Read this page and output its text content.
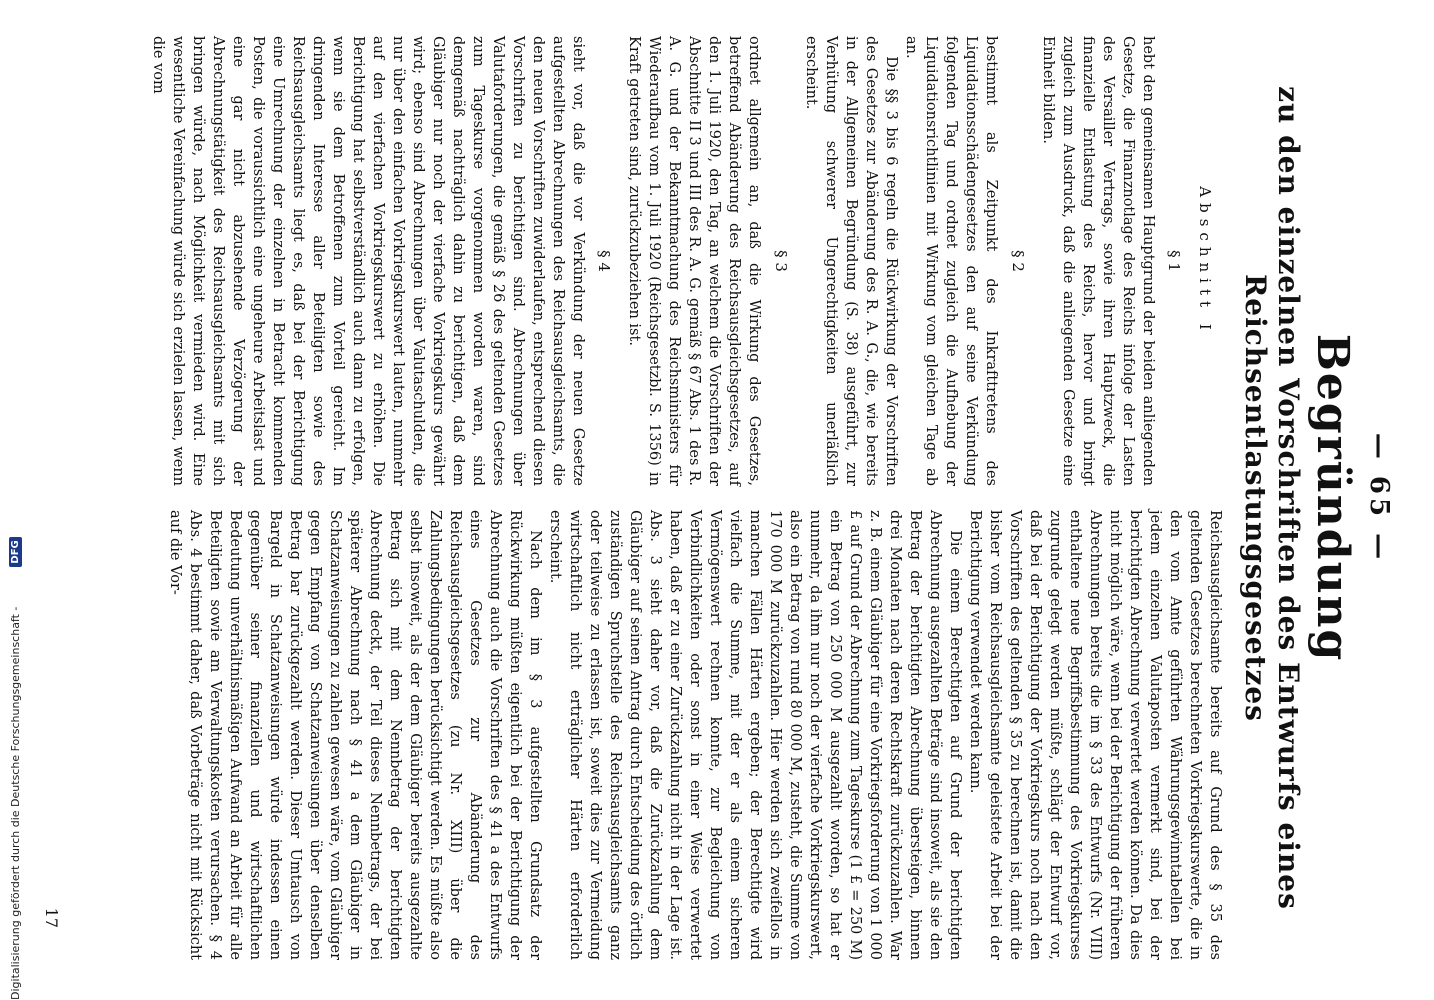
— 65 —
Begründung
zu den einzelnen Vorschriften des Entwurfs eines Reichsentlastungsgesetzes
Abschnitt I
§ 1

hebt den gemeinsamen Hauptgrund der beiden anliegenden Gesetze, die Finanznotlage des Reichs infolge der Lasten des Versailler Vertrags, sowie ihren Hauptzweck, die finanzielle Entlastung des Reichs, hervor und bringt zugleich zum Ausdruck, daß die anliegenden Gesetze eine Einheit bilden.

§ 2

bestimmt als Zeitpunkt des Inkrafttretens des Liquidationsschädengesetzes den auf seine Verkündung folgenden Tag und ordnet zugleich die Aufhebung der Liquidationsrichtlinien mit Wirkung vom gleichen Tage ab an.

Die §§ 3 bis 6 regeln die Rückwirkung der Vorschriften des Gesetzes zur Abänderung des R. A. G., die, wie bereits in der Allgemeinen Begründung (S. 38) ausgeführt, zur Verhütung schwerer Ungerechtigkeiten unerläßlich erscheint.

§ 3

ordnet allgemein an, daß die Wirkung des Gesetzes, betreffend Abänderung des Reichsausgleichsgesetzes, auf den 1. Juli 1920, den Tag, an welchem die Vorschriften der Abschnitte II 3 und III des R. A. G. gemäß § 67 Abs. 1 des R. A. G. und der Bekanntmachung des Reichsministers für Wiederaufbau vom 1. Juli 1920 (Reichsgesetzbl. S. 1356) in Kraft getreten sind, zurückzubeziehen ist.

§ 4

sieht vor, daß die vor Verkündung der neuen Gesetze aufgestellten Abrechnungen des Reichsausgleichsamts, die den neuen Vorschriften zuwiderlaufen, entsprechend diesen Vorschriften zu berichtigen sind. Abrechnungen über Valutaforderungen, die gemäß § 26 des geltenden Gesetzes zum Tageskurse vorgenommen worden waren, sind demgemäß nachträglich dahin zu berichtigen, daß dem Gläubiger nur noch der vierfache Vorkriegskurs gewährt wird; ebenso sind Abrechnungen über Valutaschulden, die nur über den einfachen Vorkriegskurswert lauten, nunmehr auf den vierfachen Vorkriegskurswert zu erhöhen. Die Berichtigung hat selbstverständlich auch dann zu erfolgen, wenn sie dem Betroffenen zum Vorteil gereicht. Im dringenden Interesse aller Beteiligten sowie des Reichsausgleichsamts liegt es, daß bei der Berichtigung eine Umrechnung der einzelnen in Betracht kommenden Posten, die voraussichtlich eine ungeheure Arbeitslast und eine gar nicht abzusehende Verzögerung der Abrechnungstätigkeit des Reichsausgleichsamts mit sich bringen würde, nach Möglichkeit vermieden wird. Eine wesentliche Vereinfachung würde sich erzielen lassen, wenn die vom

Reichsausgleichsamte bereits auf Grund des § 35 des geltenden Gesetzes berechneten Vorkriegskurswerte, die in den vom Amte geführten Währungsgewinntabellen bei jedem einzelnen Valutaposten vermerkt sind, bei der berichtigten Abrechnung verwertet werden können. Da dies nicht möglich wäre, wenn bei der Berichtigung der früheren Abrechnungen bereits die im § 33 des Entwurfs (Nr. VIII) enthaltene neue Begriffsbestimmung des Vorkriegskurses zugrunde gelegt werden müßte, schlägt der Entwurf vor, daß bei der Berichtigung der Vorkriegskurs noch nach den Vorschriften des geltenden § 35 zu berechnen ist, damit die bisher vom Reichsausgleichsamte geleistete Arbeit bei der Berichtigung verwendet werden kann.

Die einem Berechtigten auf Grund der berichtigten Abrechnung ausgezahlten Beträge sind insoweit, als sie den Betrag der berichtigten Abrechnung übersteigen, binnen drei Monaten nach deren Rechtskraft zurückzuzahlen. War z. B. einem Gläubiger für eine Vorkriegsforderung von 1 000 £ auf Grund der Abrechnung zum Tageskurse (1 £ = 250 M) ein Betrag von 250 000 M ausgezahlt worden, so hat er nunmehr, da ihm nur noch der vierfache Vorkriegskurswert, also ein Betrag von rund 80 000 M, zusteht, die Summe von 170 000 M zurückzuzahlen. Hier werden sich zweifellos in manchen Fällen Härten ergeben; der Berechtigte wird vielfach die Summe, mit der er als einem sicheren Vermögenswert rechnen konnte, zur Begleichung von Verbindlichkeiten oder sonst in einer Weise verwertet haben, daß er zu einer Zurückzahlung nicht in der Lage ist. Abs. 3 sieht daher vor, daß die Zurückzahlung dem Gläubiger auf seinen Antrag durch Entscheidung des örtlich zuständigen Spruchstelle des Reichsausgleichsamts ganz oder teilweise zu erlassen ist, soweit dies zur Vermeidung wirtschaftlich nicht erträglicher Härten erforderlich erscheint.

Nach dem im § 3 aufgestellten Grundsatz der Rückwirkung müßten eigentlich bei der Berichtigung der Abrechnung auch die Vorschriften des § 41 a des Entwurfs eines Gesetzes zur Abänderung des Reichsausgleichsgesetzes (zu Nr. XIII) über die Zahlungsbedingungen berücksichtigt werden. Es müßte also selbst insoweit, als der dem Gläubiger bereits ausgezahlte Betrag sich mit dem Nennbetrag der berichtigten Abrechnung deckt, der Teil dieses Nennbetrags, der bei späterer Abrechnung nach § 41 a dem Gläubiger in Schatzanweisungen zu zahlen gewesen wäre, vom Gläubiger gegen Empfang von Schatzanweisungen über denselben Betrag bar zurückgezahlt werden. Dieser Umtausch von Bargeld in Schatzanweisungen würde indessen einen gegenüber seiner finanziellen und wirtschaftlichen Bedeutung unverhältnismäßigen Aufwand an Arbeit für alle Beteiligten sowie am Verwaltungskosten verursachen. § 4 Abs. 4 bestimmt daher, daß Vorbeträge nicht mit Rücksicht auf die Vor-

17
Digitalisierung gefördert durch die Deutsche Forschungsgemeinschaft -
DFG
